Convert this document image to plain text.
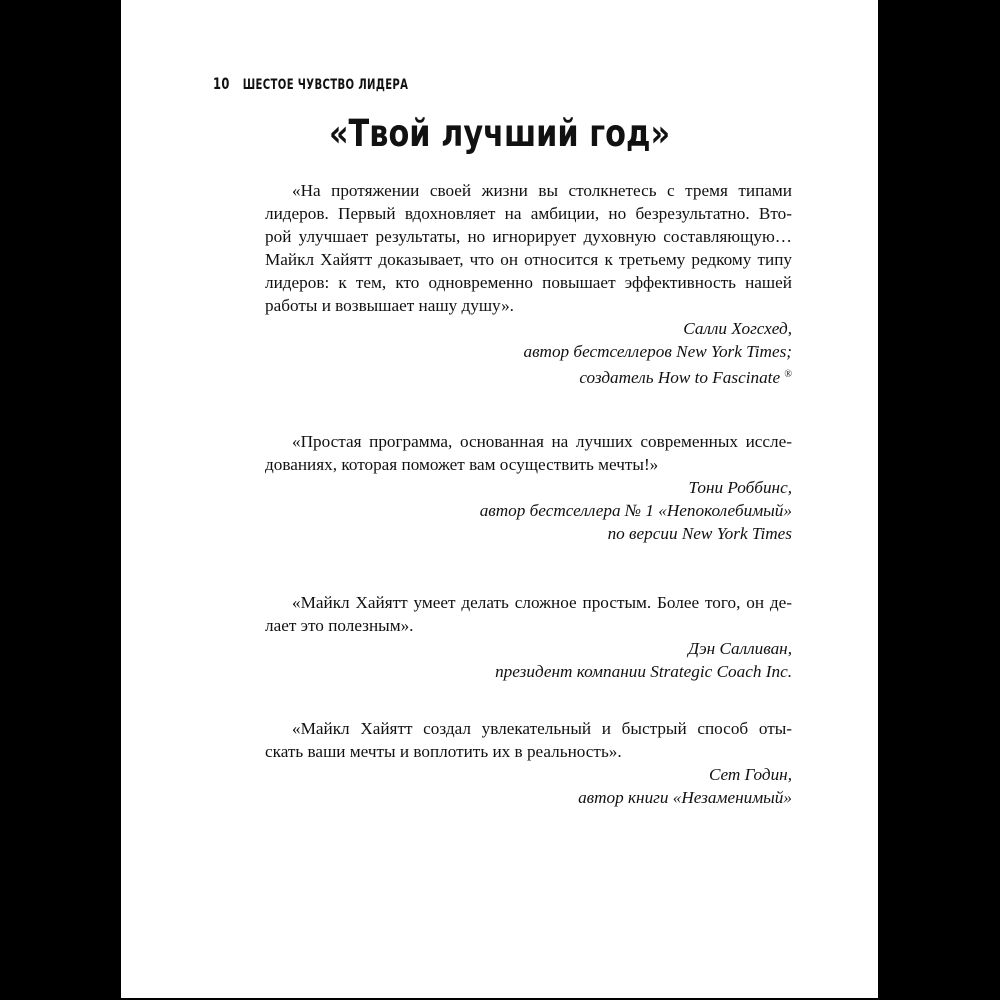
10 ШЕСТОЕ ЧУВСТВО ЛИДЕРА
«Твой лучший год»

«На протяжении своей жизни вы столкнетесь с тремя типами
лидеров. Первый вдохновляет на амбиции, но безрезультатно. Вто-
рой улучшает результаты, но игнорирует духовную составляющую…
Майкл Хайятт доказывает, что он относится к третьему редкому типу
лидеров: к тем, кто одновременно повышает эффективность нашей
работы и возвышает нашу душу».

Салли Хогсхед,
автор бестселлеров New York Times;
создатель How to Fascinate ®

«Простая программа, основанная на лучших современных иссле-
дованиях, которая поможет вам осуществить мечты!»

Тони Роббинс,
автор бестселлера № 1 «Непоколебимый»
по версии New York Times

«Майкл Хайятт умеет делать сложное простым. Более того, он де-
лает это полезным».

Дэн Салливан,
президент компании Strategic Coach Inc.

«Майкл Хайятт создал увлекательный и быстрый способ оты-
скать ваши мечты и воплотить их в реальность».

Сет Годин,
автор книги «Незаменимый»
